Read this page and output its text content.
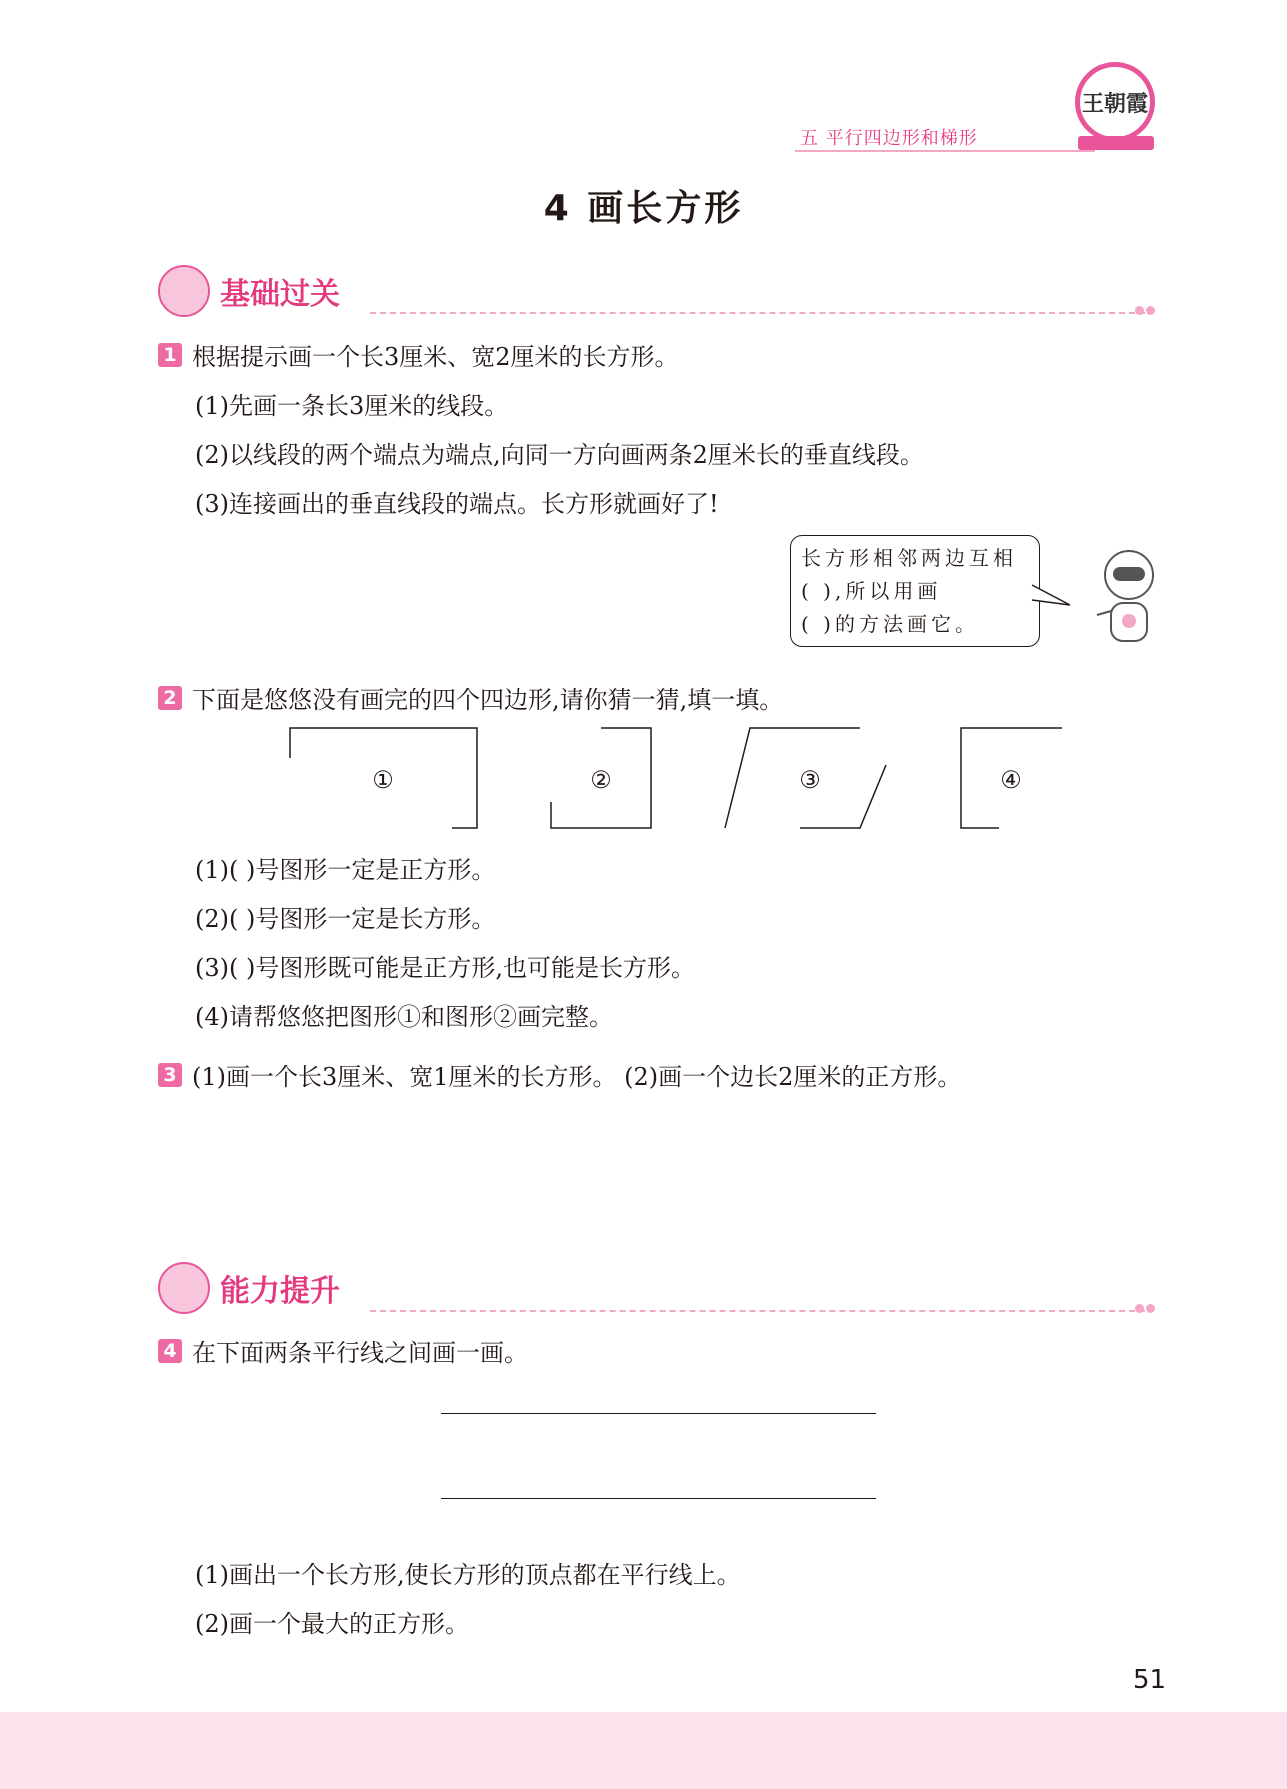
五 平行四边形和梯形
王朝霞
4 画长方形
基础过关
1 根据提示画一个长3厘米、宽2厘米的长方形。
(1)先画一条长3厘米的线段。
(2)以线段的两个端点为端点,向同一方向画两条2厘米长的垂直线段。
(3)连接画出的垂直线段的端点。长方形就画好了!
长方形相邻两边互相
( ),所以用画
( )的方法画它。
2 下面是悠悠没有画完的四个四边形,请你猜一猜,填一填。
①	②	③	④
(1)( )号图形一定是正方形。
(2)( )号图形一定是长方形。
(3)( )号图形既可能是正方形,也可能是长方形。
(4)请帮悠悠把图形①和图形②画完整。
3 (1)画一个长3厘米、宽1厘米的长方形。 (2)画一个边长2厘米的正方形。
能力提升
4 在下面两条平行线之间画一画。
(1)画出一个长方形,使长方形的顶点都在平行线上。
(2)画一个最大的正方形。
51
